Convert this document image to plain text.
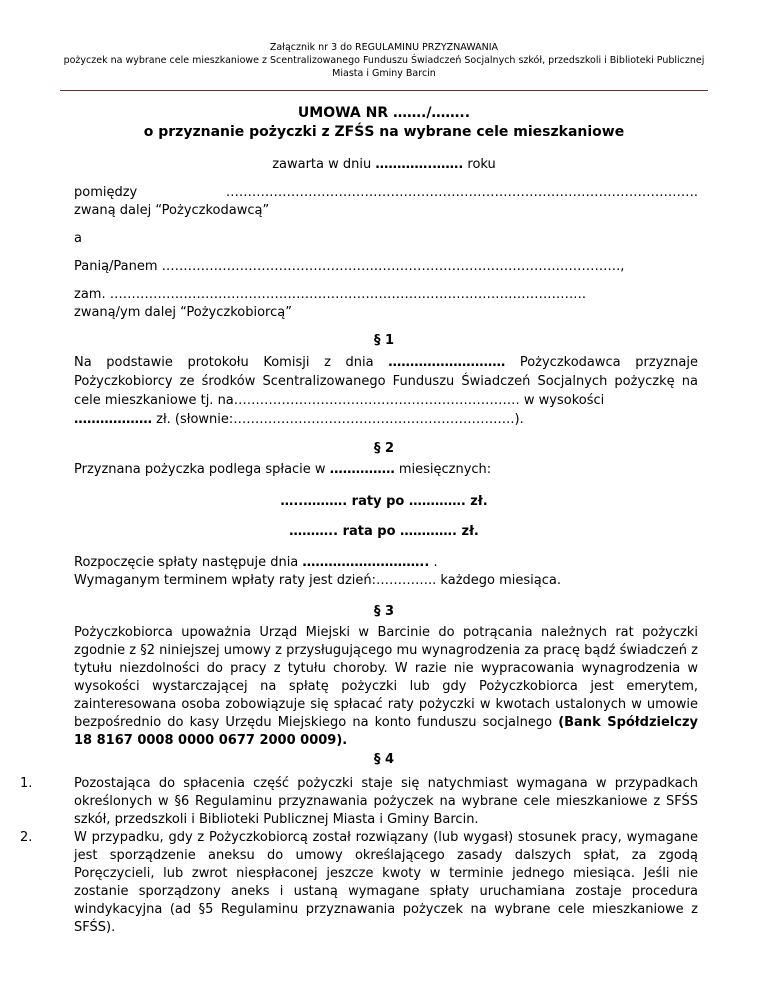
Załącznik nr 3 do REGULAMINU PRZYZNAWANIA
pożyczek na wybrane cele mieszkaniowe z Scentralizowanego Funduszu Świadczeń Socjalnych szkół, przedszkoli i Biblioteki Publicznej Miasta i Gminy Barcin
UMOWA NR ……./……..
o przyznanie pożyczki z ZFŚS na wybrane cele mieszkaniowe
zawarta w dniu ………….……. roku
pomiędzy	……………………………………………………………………………………………….
zwaną dalej “Pożyczkodawcą”
a
Panią/Panem ………………………………………….……………………….…………….………….,
zam. ……………………………………………………………….……………………………….
zwaną/ym dalej “Pożyczkobiorcą”
§ 1
Na podstawie protokołu Komisji z dnia ……………………… Pożyczkodawca przyznaje Pożyczkobiorcy ze środków Scentralizowanego Funduszu Świadczeń Socjalnych pożyczkę na cele mieszkaniowe tj. na………………………………………………………… w wysokości
……………… zł. (słownie:…………………………………………………….….).
§ 2
Przyznana pożyczka podlega spłacie w …………… miesięcznych:
…..………. raty po …………. zł.
……….. rata po …………. zł.
Rozpoczęcie spłaty następuje dnia ……………………….. .
Wymaganym terminem wpłaty raty jest dzień:………….. każdego miesiąca.
§ 3
Pożyczkobiorca upoważnia Urząd Miejski w Barcinie do potrącania należnych rat pożyczki zgodnie z §2 niniejszej umowy z przysługującego mu wynagrodzenia za pracę bądź świadczeń z tytułu niezdolności do pracy z tytułu choroby. W razie nie wypracowania wynagrodzenia w wysokości wystarczającej na spłatę pożyczki lub gdy Pożyczkobiorca jest emerytem, zainteresowana osoba zobowiązuje się spłacać raty pożyczki w kwotach ustalonych w umowie bezpośrednio do kasy Urzędu Miejskiego na konto funduszu socjalnego (Bank Spółdzielczy 18 8167 0008 0000 0677 2000 0009).
§ 4
1.	Pozostająca do spłacenia część pożyczki staje się natychmiast wymagana w przypadkach określonych w §6 Regulaminu przyznawania pożyczek na wybrane cele mieszkaniowe z SFŚS szkół, przedszkoli i Biblioteki Publicznej Miasta i Gminy Barcin.
2.	W przypadku, gdy z Pożyczkobiorcą został rozwiązany (lub wygasł) stosunek pracy, wymagane jest sporządzenie aneksu do umowy określającego zasady dalszych spłat, za zgodą Poręczycieli, lub zwrot niespłaconej jeszcze kwoty w terminie jednego miesiąca. Jeśli nie zostanie sporządzony aneks i ustaną wymagane spłaty uruchamiana zostaje procedura windykacyjna (ad §5 Regulaminu przyznawania pożyczek na wybrane cele mieszkaniowe z SFŚS).
